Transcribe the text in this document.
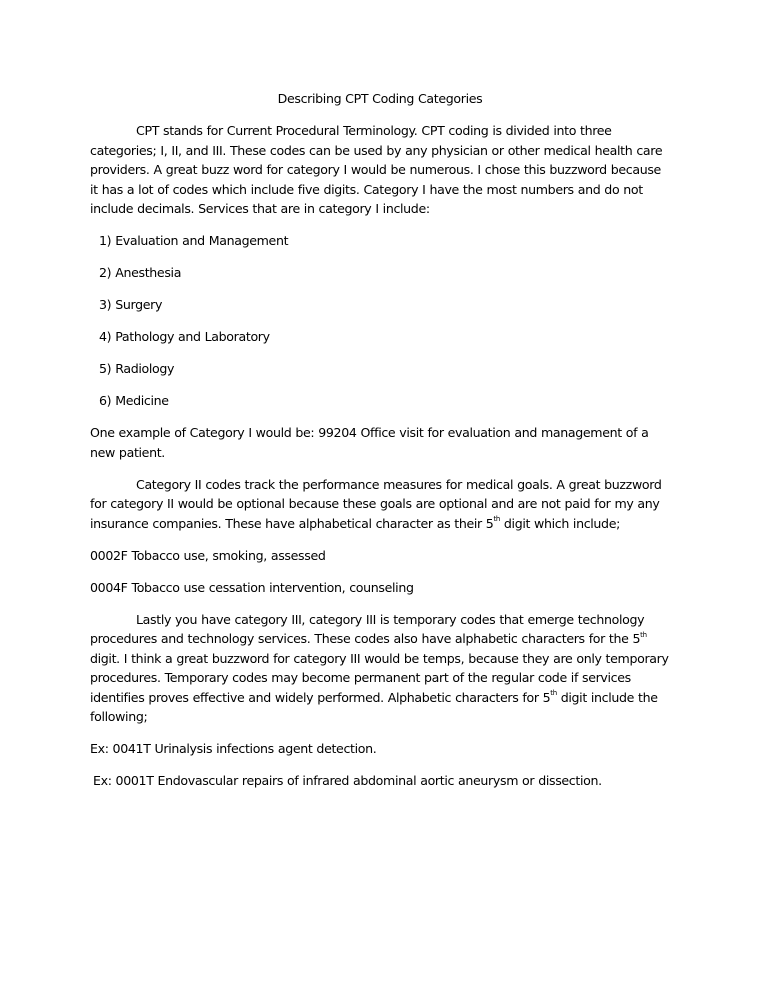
Describing CPT Coding Categories
CPT stands for Current Procedural Terminology. CPT coding is divided into three categories; I, II, and III. These codes can be used by any physician or other medical health care providers. A great buzz word for category I would be numerous. I chose this buzzword because it has a lot of codes which include five digits. Category I have the most numbers and do not include decimals. Services that are in category I include:
1) Evaluation and Management
2) Anesthesia
3) Surgery
4) Pathology and Laboratory
5) Radiology
6) Medicine
One example of Category I would be: 99204 Office visit for evaluation and management of a new patient.
Category II codes track the performance measures for medical goals. A great buzzword for category II would be optional because these goals are optional and are not paid for my any insurance companies. These have alphabetical character as their 5th digit which include;
0002F Tobacco use, smoking, assessed
0004F Tobacco use cessation intervention, counseling
Lastly you have category III, category III is temporary codes that emerge technology procedures and technology services. These codes also have alphabetic characters for the 5th digit. I think a great buzzword for category III would be temps, because they are only temporary procedures. Temporary codes may become permanent part of the regular code if services identifies proves effective and widely performed. Alphabetic characters for 5th digit include the following;
Ex: 0041T Urinalysis infections agent detection.
Ex: 0001T Endovascular repairs of infrared abdominal aortic aneurysm or dissection.
